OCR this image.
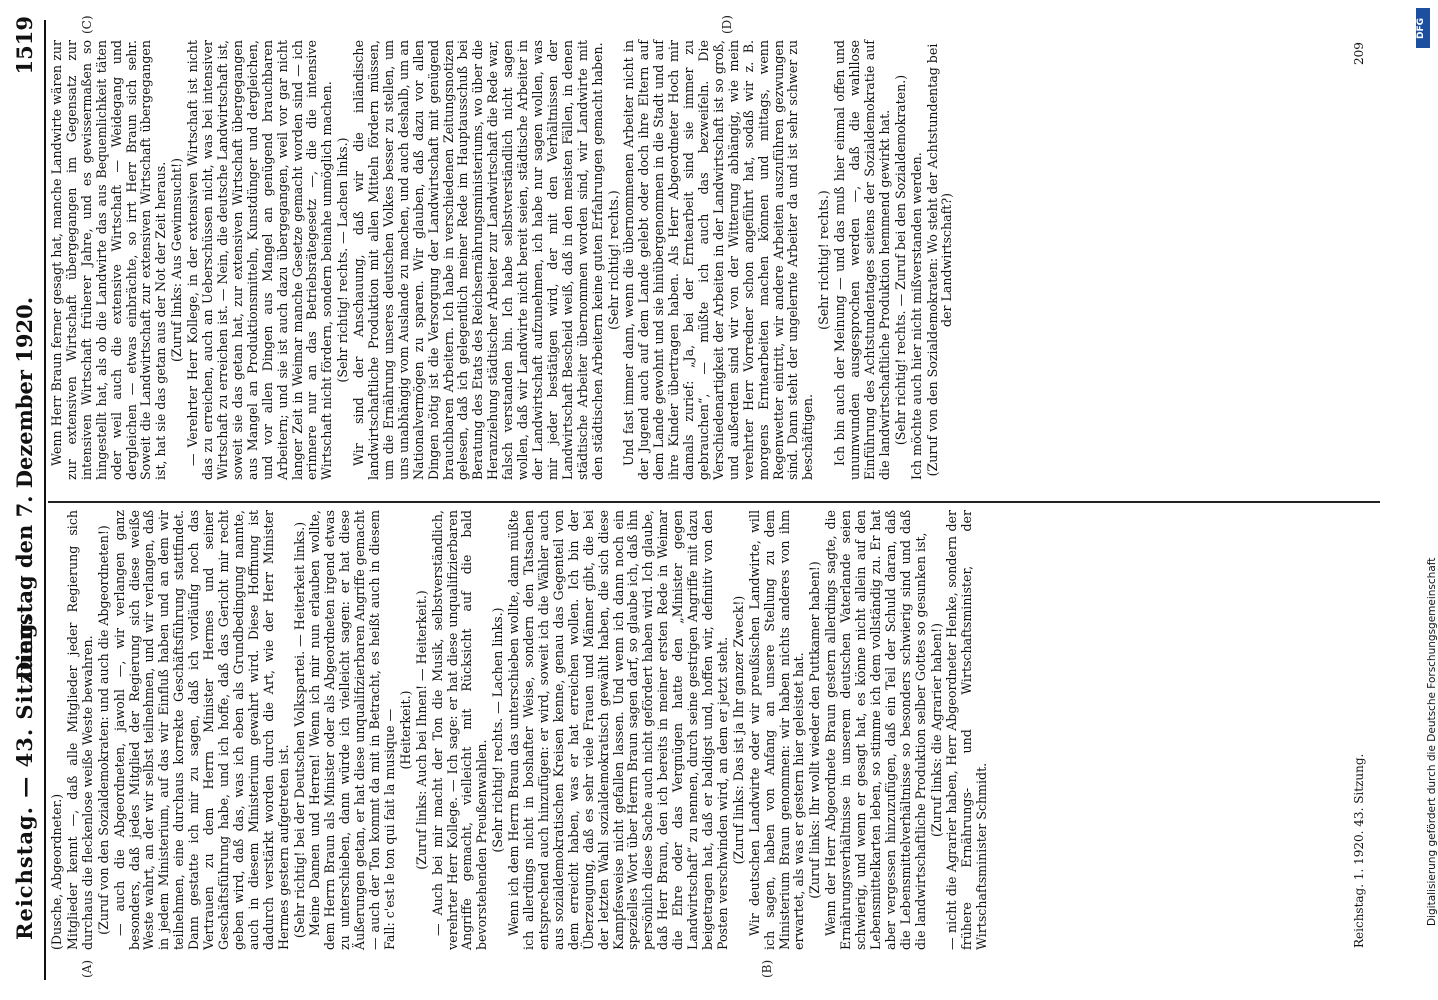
Reichstag. — 43. Sitzung.
Dienstag den 7. Dezember 1920.
1519

(Dusche, Abgeordneter.) Mitglieder kennt —, daß alle Mitglieder jeder Regierung sich durchaus die fleckenlose weiße Weste bewahren. (Zuruf von den Sozialdemokraten: und auch die Abgeordneten!) — auch die Abgeordneten, jawohl —, wir verlangen ganz besonders, daß jedes Mitglied der Regierung sich diese weiße Weste wahrt, an der wir selbst teilnehmen, und wir verlangen, daß in jedem Ministerium, auf das wir Einfluß haben und an dem wir teilnehmen, eine durchaus korrekte Geschäftsführung stattfindet. Dann gestatte ich mir zu sagen, daß ich vorläufig noch das Vertrauen zu dem Herrn Minister Hermes und seiner Geschäftsführung habe, und ich hoffe, daß das Gericht mir recht geben wird, daß das, was ich eben als Grundbedingung nannte, auch in diesem Ministerium gewahrt wird. Diese Hoffnung ist dadurch verstärkt worden durch die Art, wie der Herr Minister Hermes gestern aufgetreten ist. (Sehr richtig! bei der Deutschen Volkspartei. — Heiterkeit links.) Meine Damen und Herren! Wenn ich mir nun erlauben wollte, dem Herrn Braun als Minister oder als Abgeordneten irgend etwas zu unterschieben, dann würde ich vielleicht sagen: er hat diese Äußerungen getan, er hat diese unqualifizierbaren Angriffe gemacht — auch der Ton kommt da mit in Betracht, es heißt auch in diesem Fall: c'est le ton qui fait la musique — (Heiterkeit.) (Zuruf links: Auch bei Ihnen! — Heiterkeit.) — Auch bei mir macht der Ton die Musik, selbstverständlich, verehrter Herr Kollege. — Ich sage: er hat diese unqualifizierbaren Angriffe gemacht, vielleicht mit Rücksicht auf die bald bevorstehenden Preußenwahlen. (Sehr richtig! rechts. — Lachen links.) Wenn ich dem Herrn Braun das unterschieben wollte, dann müßte ich allerdings nicht in boshafter Weise, sondern den Tatsachen entsprechend auch hinzufügen: er wird, soweit ich die Wähler auch aus sozialdemokratischen Kreisen kenne, genau das Gegenteil von dem erreicht haben, was er hat erreichen wollen. Ich bin der Überzeugung, daß es sehr viele Frauen und Männer gibt, die bei der letzten Wahl sozialdemokratisch gewählt haben, die sich diese Kampfesweise nicht gefallen lassen. Und wenn ich dann noch ein spezielles Wort über Herrn Braun sagen darf, so glaube ich, daß ihn persönlich diese Sache auch nicht gefördert haben wird. Ich glaube, daß Herr Braun, den ich bereits in meiner ersten Rede in Weimar die Ehre oder das Vergnügen hatte den „Minister gegen Landwirtschaft“ zu nennen, durch seine gestrigen Angriffe mit dazu beigetragen hat, daß er baldigst und, hoffen wir, definitiv von den Posten verschwinden wird, an dem er jetzt steht. (Zuruf links: Das ist ja Ihr ganzer Zweck!) Wir deutschen Landwirte oder wir preußischen Landwirte, will ich sagen, haben von Anfang an unsere Stellung zu dem Ministerium Braun genommen: wir haben nichts anderes von ihm erwartet, als was er gestern hier geleistet hat. (Zuruf links: Ihr wollt wieder den Puttkamer haben!) Wenn der Herr Abgeordnete Braun gestern allerdings sagte, die Ernährungsverhältnisse in unserem deutschen Vaterlande seien schwierig, und wenn er gesagt hat, es könne nicht allein auf den Lebensmittelkarten leben, so stimme ich dem vollständig zu. Er hat aber vergessen hinzuzufügen, daß ein Teil der Schuld daran, daß die Lebensmittelverhältnisse so besonders schwierig sind und daß die landwirtschaftliche Produktion selber Gottes so gesunken ist, (Zuruf links: die Agrarier haben!) — nicht die Agrarier haben, Herr Abgeordneter Henke, sondern der frühere Ernährungs- und Wirtschaftsminister, der Wirtschaftsminister Schmidt.

Wenn Herr Braun ferner gesagt hat, manche Landwirte wären zur zur extensiven Wirtschaft übergegangen im Gegensatz zur intensiven Wirtschaft früherer Jahre, und es gewissermaßen so hingestellt hat, als ob die Landwirte das aus Bequemlichkeit täten oder weil auch die extensive Wirtschaft — Weidegang und dergleichen — etwas einbrächte, so irrt Herr Braun sich sehr. Soweit die Landwirtschaft zur extensiven Wirtschaft übergegangen ist, hat sie das getan aus der Not der Zeit heraus. (Zuruf links: Aus Gewinnsucht!) — Verehrter Herr Kollege, in der extensiven Wirtschaft ist nicht das zu erreichen, auch an Ueberschüssen nicht, was bei intensiver Wirtschaft zu erreichen ist. — Nein, die deutsche Landwirtschaft ist, soweit sie das getan hat, zur extensiven Wirtschaft übergegangen aus Mangel an Produktionsmitteln, Kunstdünger und dergleichen, und vor allen Dingen aus Mangel an genügend brauchbaren Arbeitern; und sie ist auch dazu übergegangen, weil vor gar nicht langer Zeit in Weimar manche Gesetze gemacht worden sind — ich erinnere nur an das Betriebsrätegesetz —, die die intensive Wirtschaft nicht fördern, sondern beinahe unmöglich machen. (Sehr richtig! rechts. — Lachen links.) Wir sind der Anschauung, daß wir die inländische landwirtschaftliche Produktion mit allen Mitteln fördern müssen, um die Ernährung unseres deutschen Volkes besser zu stellen, um uns unabhängig vom Auslande zu machen, und auch deshalb, um an Nationalvermögen zu sparen. Wir glauben, daß dazu vor allen Dingen nötig ist die Versorgung der Landwirtschaft mit genügend brauchbaren Arbeitern. Ich habe in verschiedenen Zeitungsnotizen gelesen, daß ich gelegentlich meiner Rede im Hauptausschuß bei Beratung des Etats des Reichsernährungsministeriums, wo über die Heranziehung städtischer Arbeiter zur Landwirtschaft die Rede war, falsch verstanden bin. Ich habe selbstverständlich nicht sagen wollen, daß wir Landwirte nicht bereit seien, städtische Arbeiter in der Landwirtschaft aufzunehmen, ich habe nur sagen wollen, was mir jeder bestätigen wird, der mit den Verhältnissen der Landwirtschaft Bescheid weiß, daß in den meisten Fällen, in denen städtische Arbeiter übernommen worden sind, wir Landwirte mit den städtischen Arbeitern keine guten Erfahrungen gemacht haben. (Sehr richtig! rechts.) Und fast immer dann, wenn die übernommenen Arbeiter nicht in der Jugend auch auf dem Lande gelebt oder doch ihre Eltern auf dem Lande gewohnt und sie hinübergenommen in die Stadt und auf ihre Kinder übertragen haben. Als Herr Abgeordneter Hoch mir damals zurief: „Ja, bei der Erntearbeit sind sie immer zu gebrauchen“, — müßte ich auch das bezweifeln. Die Verschiedenartigkeit der Arbeiten in der Landwirtschaft ist so groß, und außerdem sind wir von der Witterung abhängig, wie mein verehrter Herr Vorredner schon angeführt hat, sodaß wir z. B. morgens Erntearbeiten machen können und mittags, wenn Regenwetter eintritt, wir andere Arbeiten auszuführen gezwungen sind. Dann steht der ungelernte Arbeiter da und ist sehr schwer zu beschäftigen.

(Sehr richtig! rechts.) Ich bin auch der Meinung — und das muß hier einmal offen und unumwunden ausgesprochen werden —, daß die wahllose Einführung des Achtstundentages seitens der Sozialdemokratie auf die landwirtschaftliche Produktion hemmend gewirkt hat. (Sehr richtig! rechts. — Zuruf bei den Sozialdemokraten.) Ich möchte auch hier nicht mißverstanden werden. (Zuruf von den Sozialdemokraten: Wo steht der Achtstundentag bei der Landwirtschaft?)

(A)	(B)
(C)	(D)
Reichstag. 1. 1920. 43. Sitzung.
209
Digitalisierung gefördert durch die Deutsche Forschungsgemeinschaft
DFG
